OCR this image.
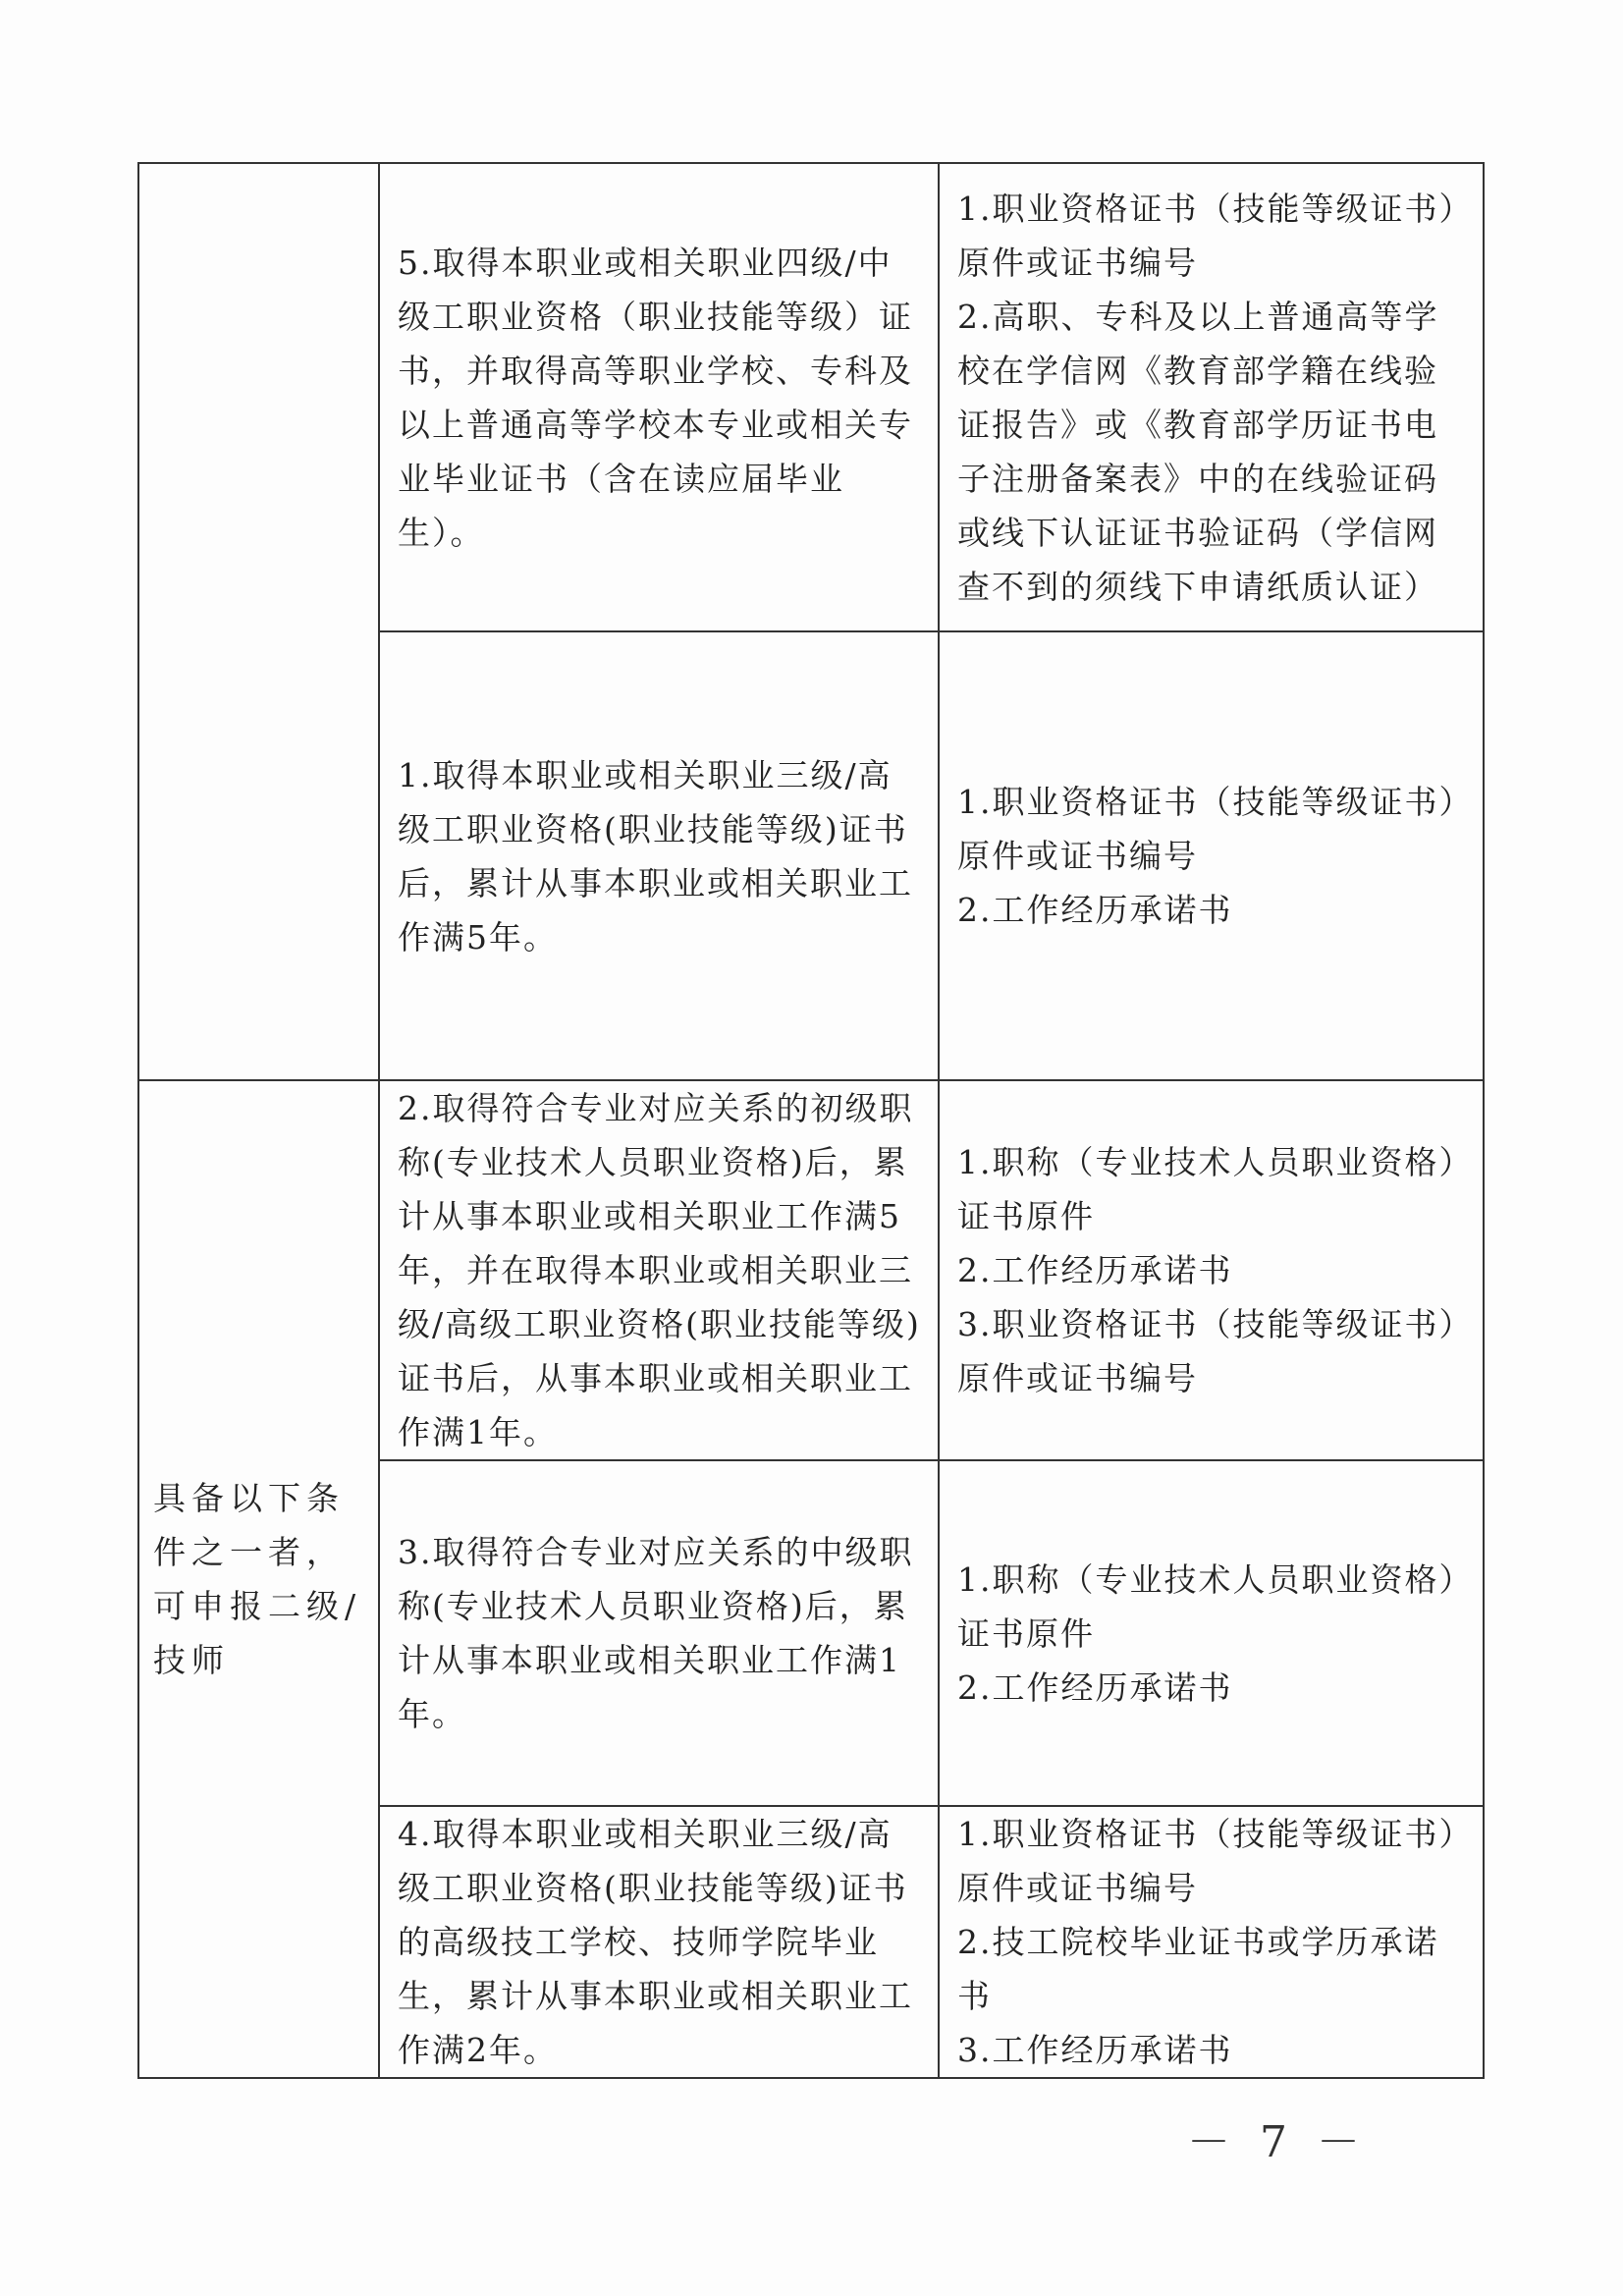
	5.取得本职业或相关职业四级/中级工职业资格（职业技能等级）证书，并取得高等职业学校、专科及以上普通高等学校本专业或相关专业毕业证书（含在读应届毕业生）。	1.职业资格证书（技能等级证书）原件或证书编号
2.高职、专科及以上普通高等学校在学信网《教育部学籍在线验证报告》或《教育部学历证书电子注册备案表》中的在线验证码或线下认证证书验证码（学信网查不到的须线下申请纸质认证）
	1.取得本职业或相关职业三级/高级工职业资格(职业技能等级)证书后，累计从事本职业或相关职业工作满5年。	1.职业资格证书（技能等级证书）原件或证书编号
2.工作经历承诺书
具备以下条件之一者，可申报二级/技师	2.取得符合专业对应关系的初级职称(专业技术人员职业资格)后，累计从事本职业或相关职业工作满5年，并在取得本职业或相关职业三级/高级工职业资格(职业技能等级)证书后，从事本职业或相关职业工作满1年。	1.职称（专业技术人员职业资格）证书原件
2.工作经历承诺书
3.职业资格证书（技能等级证书）原件或证书编号
	3.取得符合专业对应关系的中级职称(专业技术人员职业资格)后，累计从事本职业或相关职业工作满1年。	1.职称（专业技术人员职业资格）证书原件
2.工作经历承诺书
	4.取得本职业或相关职业三级/高级工职业资格(职业技能等级)证书的高级技工学校、技师学院毕业生，累计从事本职业或相关职业工作满2年。	1.职业资格证书（技能等级证书）原件或证书编号
2.技工院校毕业证书或学历承诺书
3.工作经历承诺书
－ 7 －
